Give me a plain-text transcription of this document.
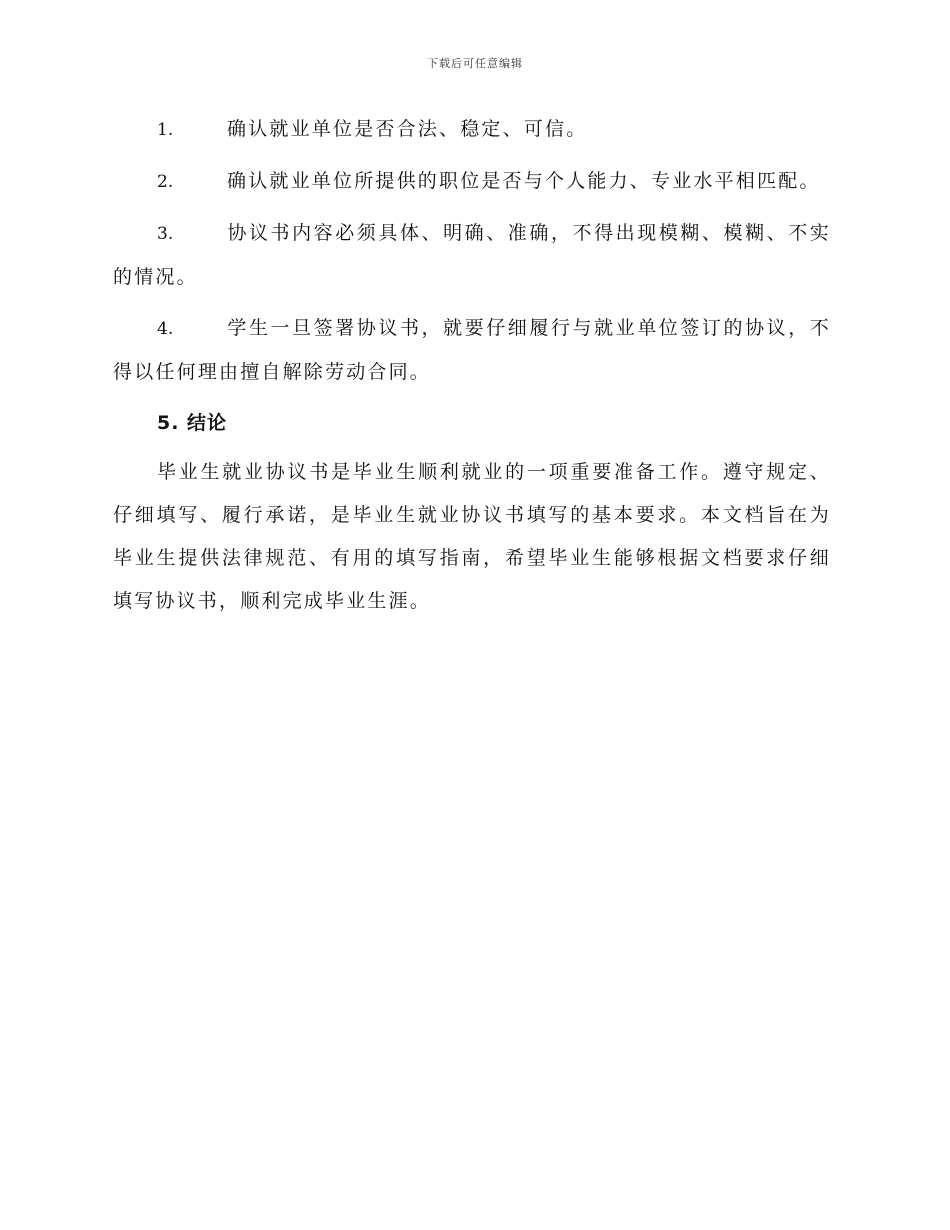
下载后可任意编辑

1.	确认就业单位是否合法、稳定、可信。

2.	确认就业单位所提供的职位是否与个人能力、专业水平相匹配。

3.	协议书内容必须具体、明确、准确，不得出现模糊、模糊、不实的情况。

4.	学生一旦签署协议书，就要仔细履行与就业单位签订的协议，不得以任何理由擅自解除劳动合同。

5. 结论

毕业生就业协议书是毕业生顺利就业的一项重要准备工作。遵守规定、仔细填写、履行承诺，是毕业生就业协议书填写的基本要求。本文档旨在为毕业生提供法律规范、有用的填写指南，希望毕业生能够根据文档要求仔细填写协议书，顺利完成毕业生涯。
